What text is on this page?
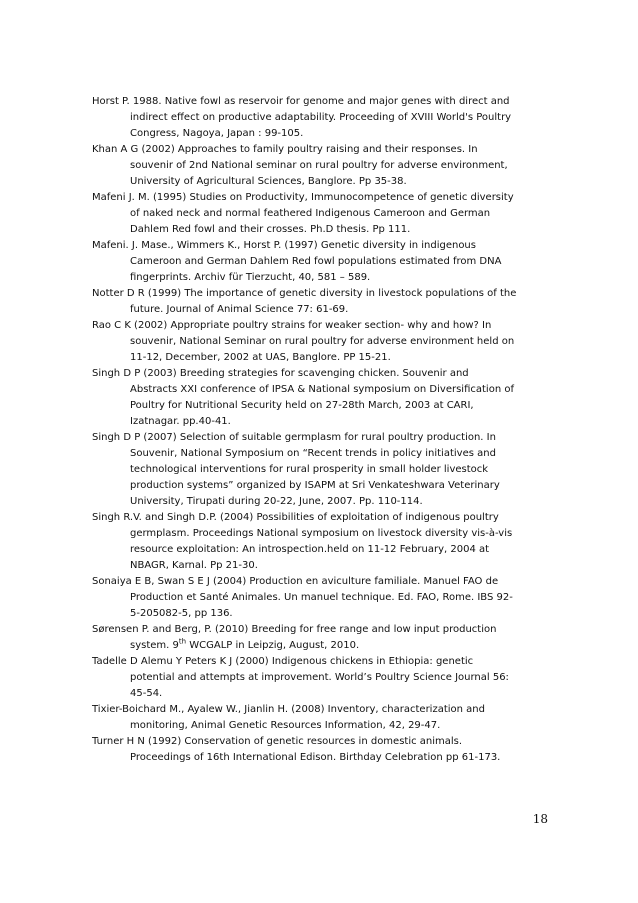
Horst P. 1988. Native fowl as reservoir for genome and major genes with direct and
indirect effect on productive adaptability. Proceeding of XVIII World's Poultry
Congress, Nagoya, Japan : 99-105.
Khan A G (2002) Approaches to family poultry raising and their responses. In
souvenir of 2nd National seminar on rural poultry for adverse environment,
University of Agricultural Sciences, Banglore. Pp 35-38.
Mafeni J. M. (1995) Studies on Productivity, Immunocompetence of genetic diversity
of naked neck and normal feathered Indigenous Cameroon and German
Dahlem Red fowl and their crosses. Ph.D thesis. Pp 111.
Mafeni. J. Mase., Wimmers K., Horst P. (1997) Genetic diversity in indigenous
Cameroon and German Dahlem Red fowl populations estimated from DNA
fingerprints. Archiv für Tierzucht, 40, 581 – 589.
Notter D R (1999) The importance of genetic diversity in livestock populations of the
future. Journal of Animal Science 77: 61-69.
Rao C K (2002) Appropriate poultry strains for weaker section- why and how? In
souvenir, National Seminar on rural poultry for adverse environment held on
11-12, December, 2002 at UAS, Banglore. PP 15-21.
Singh D P (2003) Breeding strategies for scavenging chicken. Souvenir and
Abstracts XXI conference of IPSA & National symposium on Diversification of
Poultry for Nutritional Security held on 27-28th March, 2003 at CARI,
Izatnagar. pp.40-41.
Singh D P (2007) Selection of suitable germplasm for rural poultry production. In
Souvenir, National Symposium on “Recent trends in policy initiatives and
technological interventions for rural prosperity in small holder livestock
production systems” organized by ISAPM at Sri Venkateshwara Veterinary
University, Tirupati during 20-22, June, 2007. Pp. 110-114.
Singh R.V. and Singh D.P. (2004) Possibilities of exploitation of indigenous poultry
germplasm. Proceedings National symposium on livestock diversity vis-à-vis
resource exploitation: An introspection.held on 11-12 February, 2004 at
NBAGR, Karnal. Pp 21-30.
Sonaiya E B, Swan S E J (2004) Production en aviculture familiale. Manuel FAO de
Production et Santé Animales. Un manuel technique. Ed. FAO, Rome. IBS 92-
5-205082-5, pp 136.
Sørensen P. and Berg, P. (2010) Breeding for free range and low input production
system. 9th WCGALP in Leipzig, August, 2010.
Tadelle D Alemu Y Peters K J (2000) Indigenous chickens in Ethiopia: genetic
potential and attempts at improvement. World’s Poultry Science Journal 56:
45-54.
Tixier-Boichard M., Ayalew W., Jianlin H. (2008) Inventory, characterization and
monitoring, Animal Genetic Resources Information, 42, 29-47.
Turner H N (1992) Conservation of genetic resources in domestic animals.
Proceedings of 16th International Edison. Birthday Celebration pp 61-173.
18
